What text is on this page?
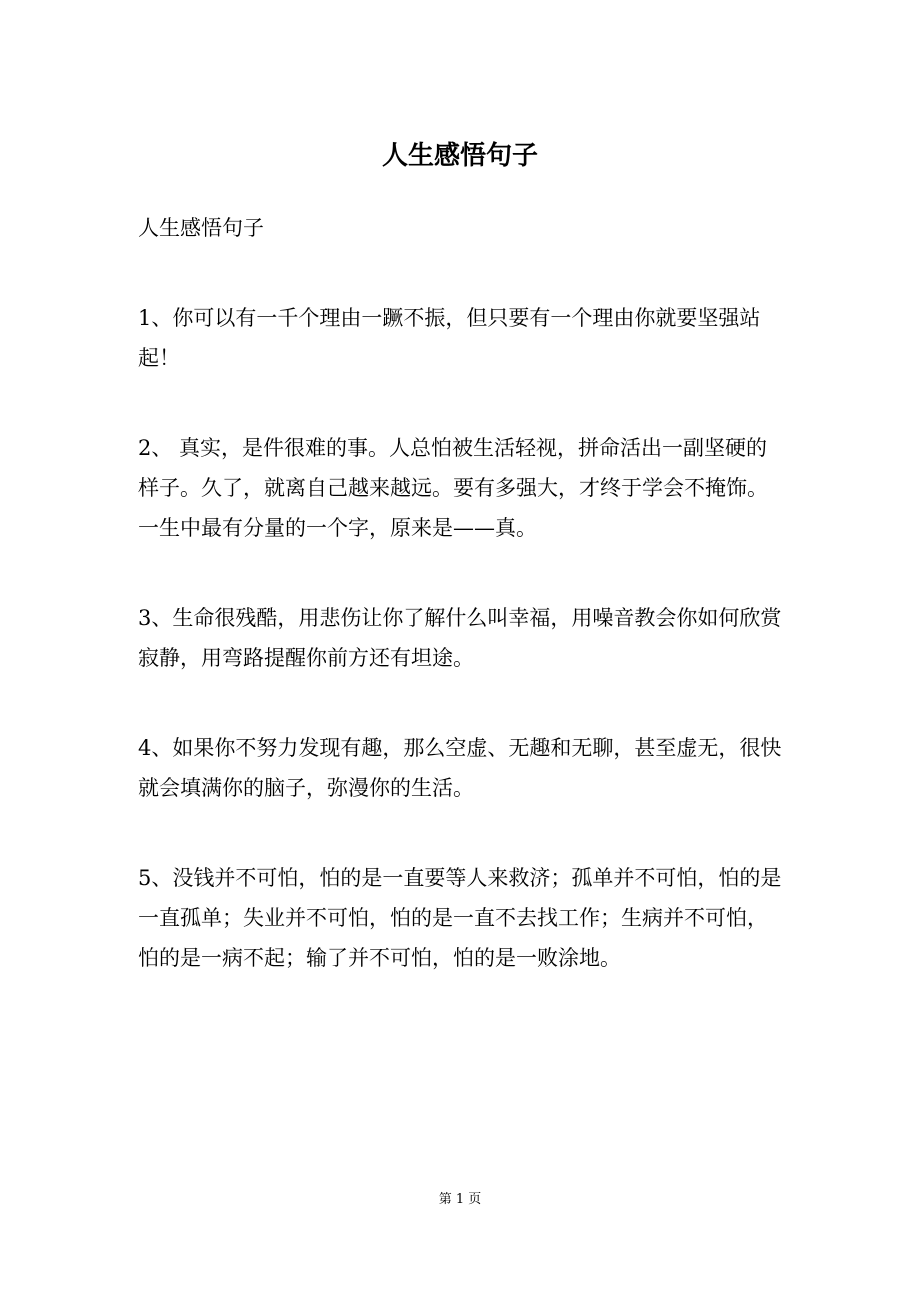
人生感悟句子

人生感悟句子

1、你可以有一千个理由一蹶不振，但只要有一个理由你就要坚强站起！

2、 真实，是件很难的事。人总怕被生活轻视，拼命活出一副坚硬的样子。久了，就离自己越来越远。要有多强大，才终于学会不掩饰。一生中最有分量的一个字，原来是——真。

3、生命很残酷，用悲伤让你了解什么叫幸福，用噪音教会你如何欣赏寂静，用弯路提醒你前方还有坦途。

4、如果你不努力发现有趣，那么空虚、无趣和无聊，甚至虚无，很快就会填满你的脑子，弥漫你的生活。

5、没钱并不可怕，怕的是一直要等人来救济；孤单并不可怕，怕的是一直孤单；失业并不可怕，怕的是一直不去找工作；生病并不可怕，怕的是一病不起；输了并不可怕，怕的是一败涂地。

第 1 页
